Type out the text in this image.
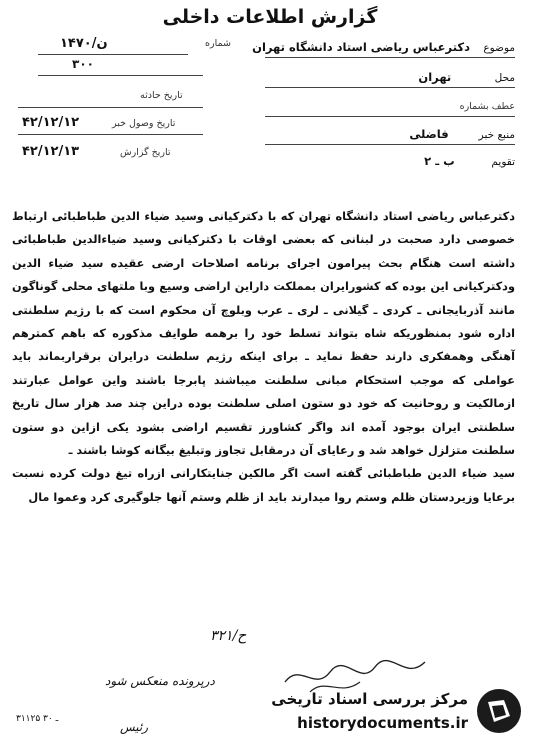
گزارش اطلاعات داخلی
موضوع    دکترعباس ریاضی استاد دانشگاه تهران
محل             تهران
عطف بشماره
منبع خبر         فاضلی
تقویم           ب ـ ۲
شماره
۱۴۷۰/ن
۳۰۰
تاریخ حادثه
تاریخ وصول خبر
۴۲/۱۲/۱۲
تاریخ گزارش
۴۲/۱۲/۱۳

دکترعباس ریاضی استاد دانشگاه تهران که با دکترکیانی وسید ضیاء الدین طباطبائی ارتباط خصوصی دارد صحبت در لبنانی که بعضی اوقات با دکترکیانی وسید ضیاءالدین طباطبائی داشته است هنگام بحث پیرامون اجرای برنامه اصلاحات ارضی عقیده سید ضیاء الدین ودکترکیانی این بوده که کشورایران بمملکت داراین اراضی وسیع وبا ملتهای محلی گوناگون مانند آذربایجانی ـ کردی ـ گیلانی ـ لری ـ عرب وبلوچ آن محکوم است که با رژیم سلطنتی اداره شود بمنظوریکه شاه بتواند تسلط خود را برهمه طوایف مذکوره که باهم کمترهم آهنگی وهمفکری دارند حفظ نماید ـ برای اینکه رژیم سلطنت درایران برقراربماند باید عواملی که موجب استحکام مبانی سلطنت میباشند پابرجا باشند واین عوامل عبارتند ازمالکیت و روحانیت که خود دو ستون اصلی سلطنت بوده دراین چند صد هزار سال تاریخ سلطنتی ایران بوجود آمده اند واگر کشاورز تقسیم اراضی بشود یکی ازاین دو ستون سلطنت متزلزل خواهد شد و رعایای آن درمقابل تجاوز وتبلیغ بیگانه کوشا باشند ـ

سید ضیاء الدین طباطبائی گفته است اگر مالکین جنایتکارانی ازراه تیغ دولت کرده نسبت برعایا وزیردستان ظلم وستم روا میدارند باید از ظلم وستم آنها جلوگیری کرد وعموا مال

ح/۳۲۱
درپرونده منعکس شود
۳۱۱۲۵ ـ ۳۰
رئیس
مرکز بررسی اسناد تاریخی
historydocuments.ir
